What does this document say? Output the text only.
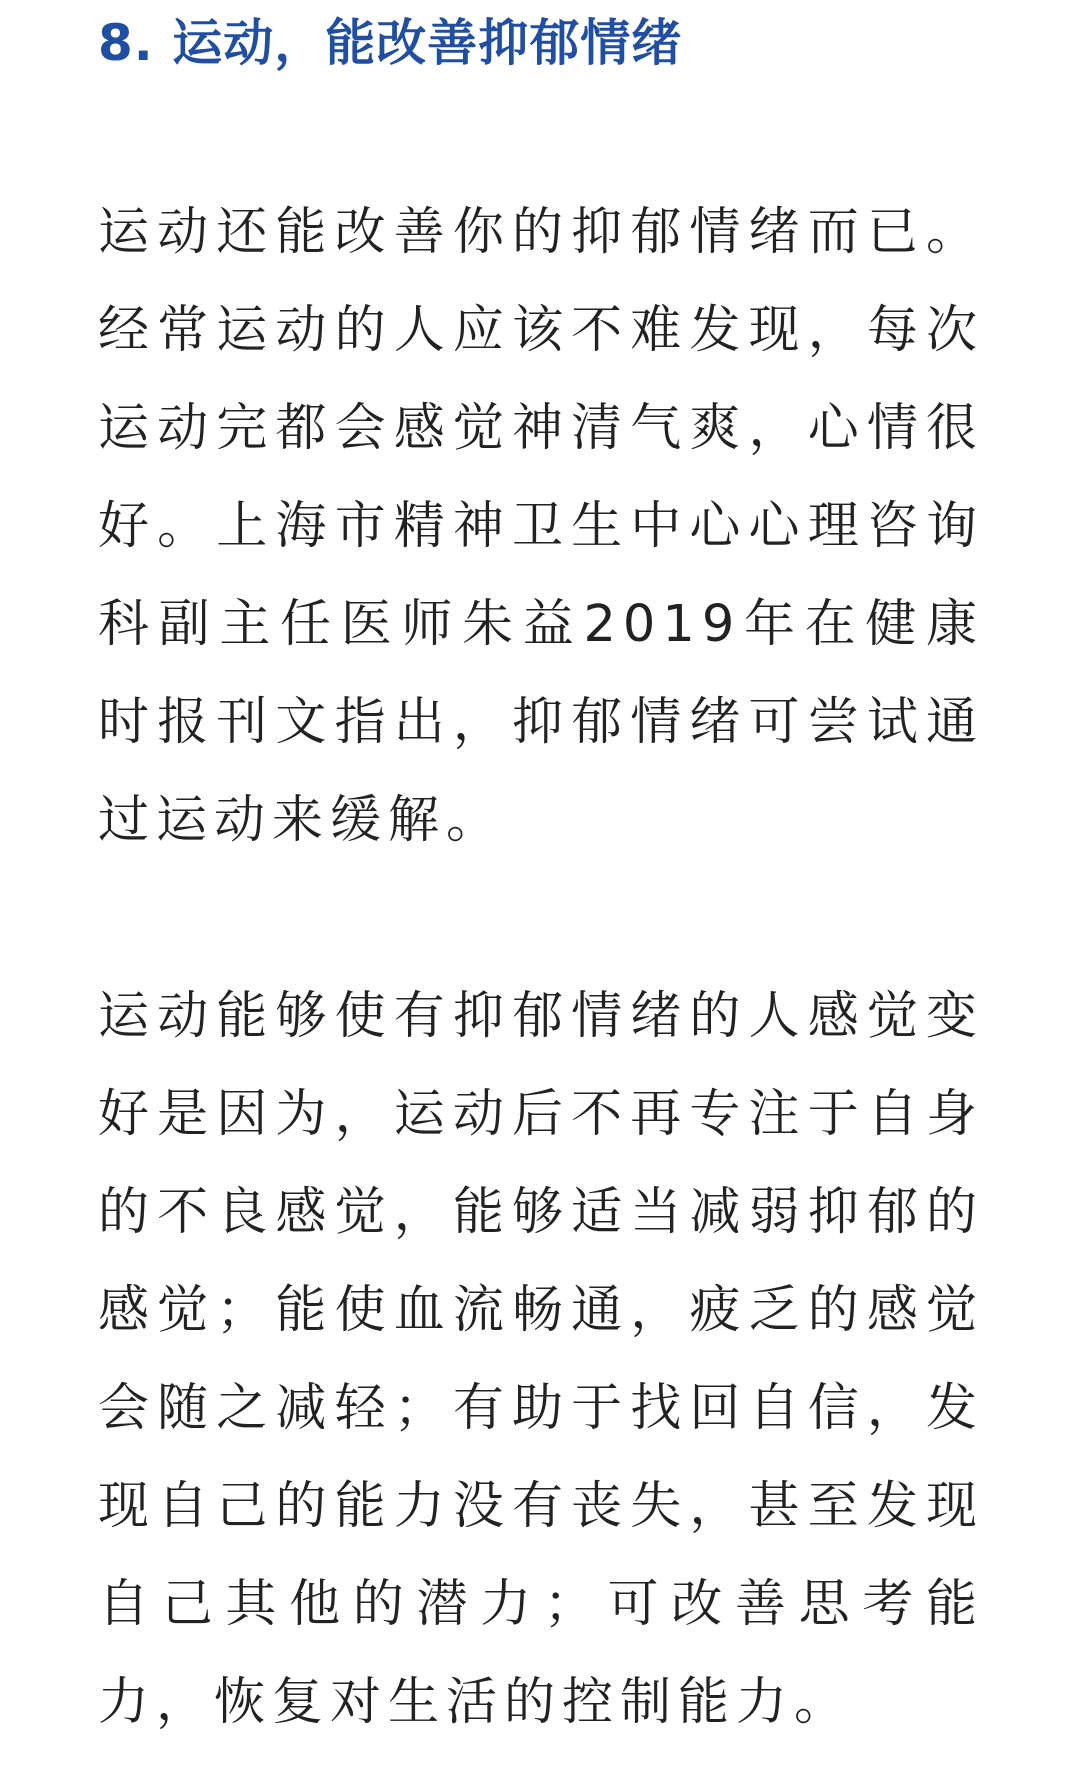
8. 运动，能改善抑郁情绪

运动还能改善你的抑郁情绪而已。经常运动的人应该不难发现，每次运动完都会感觉神清气爽，心情很好。上海市精神卫生中心心理咨询科副主任医师朱益2019年在健康时报刊文指出，抑郁情绪可尝试通过运动来缓解。

运动能够使有抑郁情绪的人感觉变好是因为，运动后不再专注于自身的不良感觉，能够适当减弱抑郁的感觉；能使血流畅通，疲乏的感觉会随之减轻；有助于找回自信，发现自己的能力没有丧失，甚至发现自己其他的潜力；可改善思考能力，恢复对生活的控制能力。
